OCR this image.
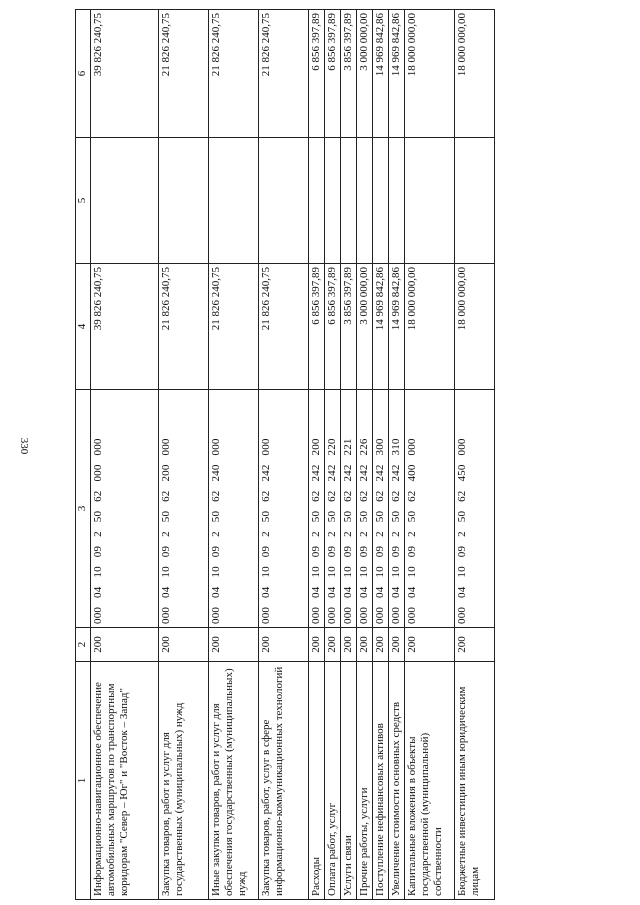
330
1	2	3	4	5	6
Информационно-навигационное обеспечение автомобильных маршрутов по транспортным коридорам "Север – Юг" и "Восток – Запад"	200	000 04 10 09 2 50 62 000 000	39 826 240,75		39 826 240,75
Закупка товаров, работ и услуг для государственных (муниципальных) нужд	200	000 04 10 09 2 50 62 200 000	21 826 240,75		21 826 240,75
Иные закупки товаров, работ и услуг для обеспечения государственных (муниципальных) нужд	200	000 04 10 09 2 50 62 240 000	21 826 240,75		21 826 240,75
Закупка товаров, работ, услуг в сфере информационно-коммуникационных технологий	200	000 04 10 09 2 50 62 242 000	21 826 240,75		21 826 240,75
Расходы	200	000 04 10 09 2 50 62 242 200	6 856 397,89		6 856 397,89
Оплата работ, услуг	200	000 04 10 09 2 50 62 242 220	6 856 397,89		6 856 397,89
Услуги связи	200	000 04 10 09 2 50 62 242 221	3 856 397,89		3 856 397,89
Прочие работы, услуги	200	000 04 10 09 2 50 62 242 226	3 000 000,00		3 000 000,00
Поступление нефинансовых активов	200	000 04 10 09 2 50 62 242 300	14 969 842,86		14 969 842,86
Увеличение стоимости основных средств	200	000 04 10 09 2 50 62 242 310	14 969 842,86		14 969 842,86
Капитальные вложения в объекты государственной (муниципальной) собственности	200	000 04 10 09 2 50 62 400 000	18 000 000,00		18 000 000,00
Бюджетные инвестиции иным юридическим лицам	200	000 04 10 09 2 50 62 450 000	18 000 000,00		18 000 000,00
